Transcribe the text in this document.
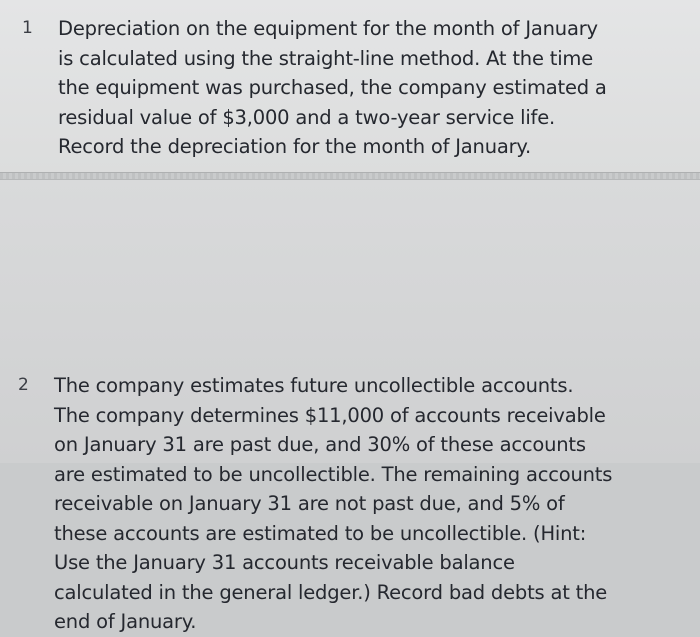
1 Depreciation on the equipment for the month of January
is calculated using the straight-line method. At the time
the equipment was purchased, the company estimated a
residual value of $3,000 and a two-year service life.
Record the depreciation for the month of January.

2 The company estimates future uncollectible accounts.
The company determines $11,000 of accounts receivable
on January 31 are past due, and 30% of these accounts
are estimated to be uncollectible. The remaining accounts
receivable on January 31 are not past due, and 5% of
these accounts are estimated to be uncollectible. (Hint:
Use the January 31 accounts receivable balance
calculated in the general ledger.) Record bad debts at the
end of January.
